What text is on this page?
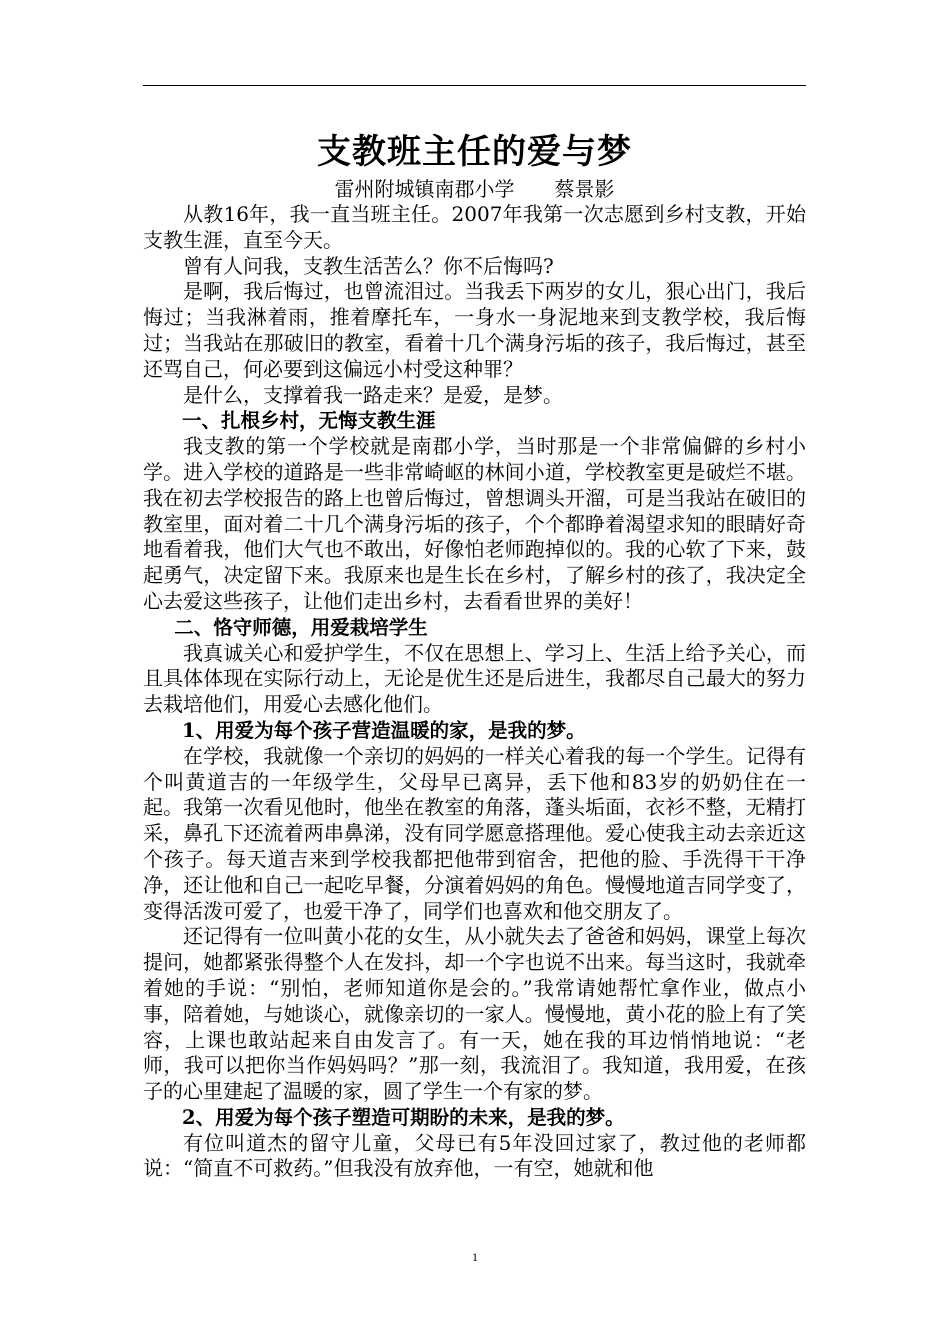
支教班主任的爱与梦

雷州附城镇南郡小学　　蔡景影

从教16年，我一直当班主任。2007年我第一次志愿到乡村支教，开始支教生涯，直至今天。

曾有人问我，支教生活苦么？你不后悔吗?

是啊，我后悔过，也曾流泪过。当我丢下两岁的女儿，狠心出门，我后悔过；当我淋着雨，推着摩托车，一身水一身泥地来到支教学校，我后悔过；当我站在那破旧的教室，看着十几个满身污垢的孩子，我后悔过，甚至还骂自己，何必要到这偏远小村受这种罪？

是什么，支撑着我一路走来？是爱，是梦。

一、扎根乡村，无悔支教生涯

我支教的第一个学校就是南郡小学，当时那是一个非常偏僻的乡村小学。进入学校的道路是一些非常崎岖的林间小道，学校教室更是破烂不堪。我在初去学校报告的路上也曾后悔过，曾想调头开溜，可是当我站在破旧的教室里，面对着二十几个满身污垢的孩子，个个都睁着渴望求知的眼睛好奇地看着我，他们大气也不敢出，好像怕老师跑掉似的。我的心软了下来，鼓起勇气，决定留下来。我原来也是生长在乡村，了解乡村的孩了，我决定全心去爱这些孩子，让他们走出乡村，去看看世界的美好！

二、恪守师德，用爱栽培学生

我真诚关心和爱护学生，不仅在思想上、学习上、生活上给予关心，而且具体体现在实际行动上，无论是优生还是后进生，我都尽自己最大的努力去栽培他们，用爱心去感化他们。

1、用爱为每个孩子营造温暖的家，是我的梦。

在学校，我就像一个亲切的妈妈的一样关心着我的每一个学生。记得有个叫黄道吉的一年级学生，父母早已离异，丢下他和83岁的奶奶住在一起。我第一次看见他时，他坐在教室的角落，蓬头垢面，衣衫不整，无精打采，鼻孔下还流着两串鼻涕，没有同学愿意搭理他。爱心使我主动去亲近这个孩子。每天道吉来到学校我都把他带到宿舍，把他的脸、手洗得干干净净，还让他和自己一起吃早餐，分演着妈妈的角色。慢慢地道吉同学变了，变得活泼可爱了，也爱干净了，同学们也喜欢和他交朋友了。

还记得有一位叫黄小花的女生，从小就失去了爸爸和妈妈，课堂上每次提问，她都紧张得整个人在发抖，却一个字也说不出来。每当这时，我就牵着她的手说：“别怕，老师知道你是会的。”我常请她帮忙拿作业，做点小事，陪着她，与她谈心，就像亲切的一家人。慢慢地，黄小花的脸上有了笑容，上课也敢站起来自由发言了。有一天，她在我的耳边悄悄地说：“老师，我可以把你当作妈妈吗？”那一刻，我流泪了。我知道，我用爱，在孩子的心里建起了温暖的家，圆了学生一个有家的梦。

2、用爱为每个孩子塑造可期盼的未来，是我的梦。

有位叫道杰的留守儿童，父母已有5年没回过家了，教过他的老师都说：“简直不可救药。”但我没有放弃他，一有空，她就和他

1
